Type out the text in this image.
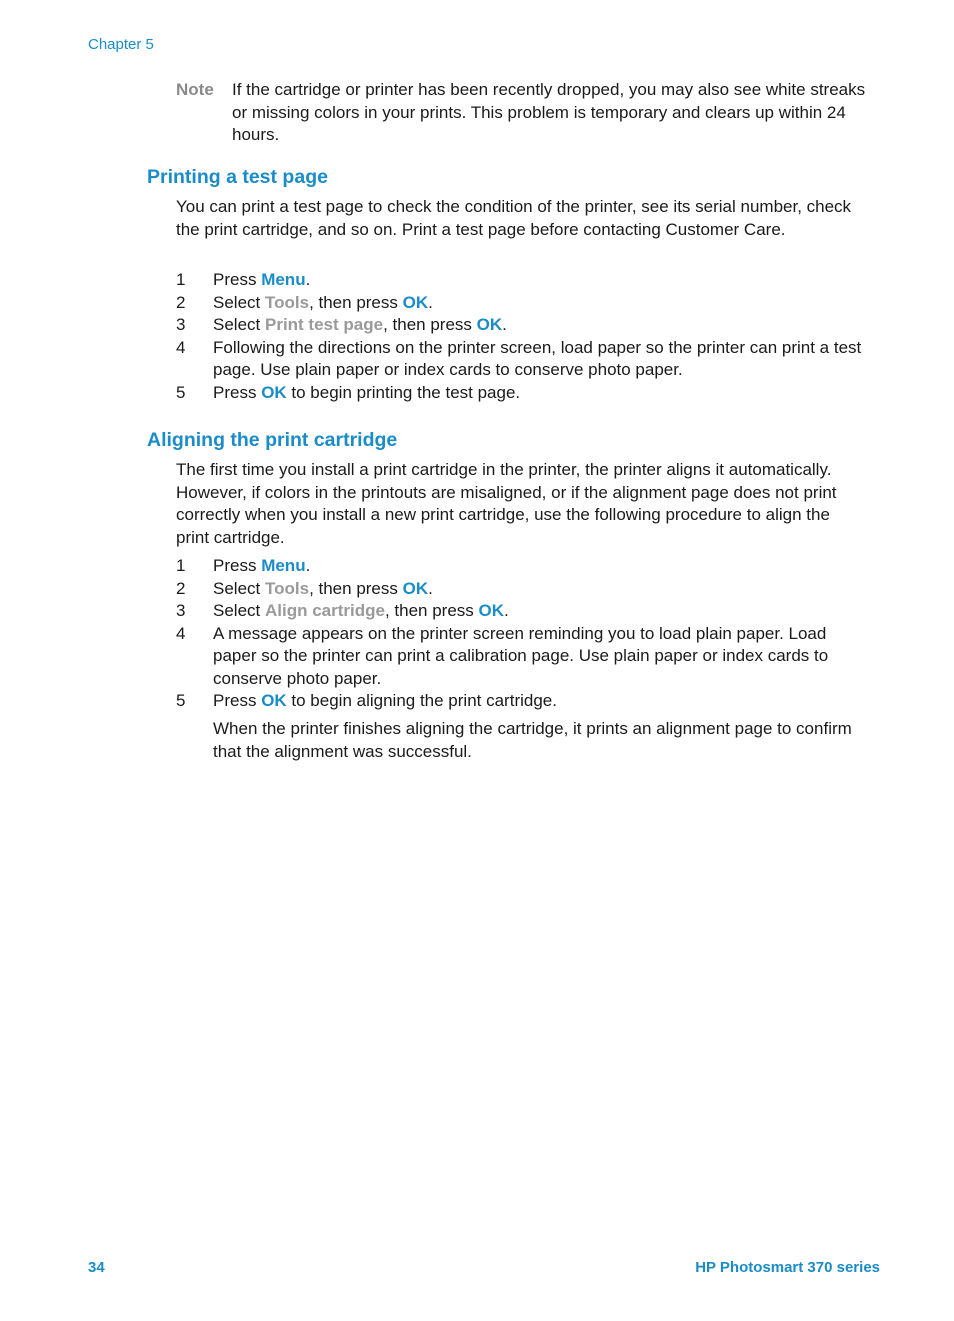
Chapter 5
Note If the cartridge or printer has been recently dropped, you may also see white streaks or missing colors in your prints. This problem is temporary and clears up within 24 hours.
Printing a test page

You can print a test page to check the condition of the printer, see its serial number, check the print cartridge, and so on. Print a test page before contacting Customer Care.

1 Press Menu.
2 Select Tools, then press OK.
3 Select Print test page, then press OK.
4 Following the directions on the printer screen, load paper so the printer can print a test page. Use plain paper or index cards to conserve photo paper.
5 Press OK to begin printing the test page.
Aligning the print cartridge

The first time you install a print cartridge in the printer, the printer aligns it automatically. However, if colors in the printouts are misaligned, or if the alignment page does not print correctly when you install a new print cartridge, use the following procedure to align the print cartridge.

1 Press Menu.
2 Select Tools, then press OK.
3 Select Align cartridge, then press OK.
4 A message appears on the printer screen reminding you to load plain paper. Load paper so the printer can print a calibration page. Use plain paper or index cards to conserve photo paper.
5 Press OK to begin aligning the print cartridge.

When the printer finishes aligning the cartridge, it prints an alignment page to confirm that the alignment was successful.

34	HP Photosmart 370 series
